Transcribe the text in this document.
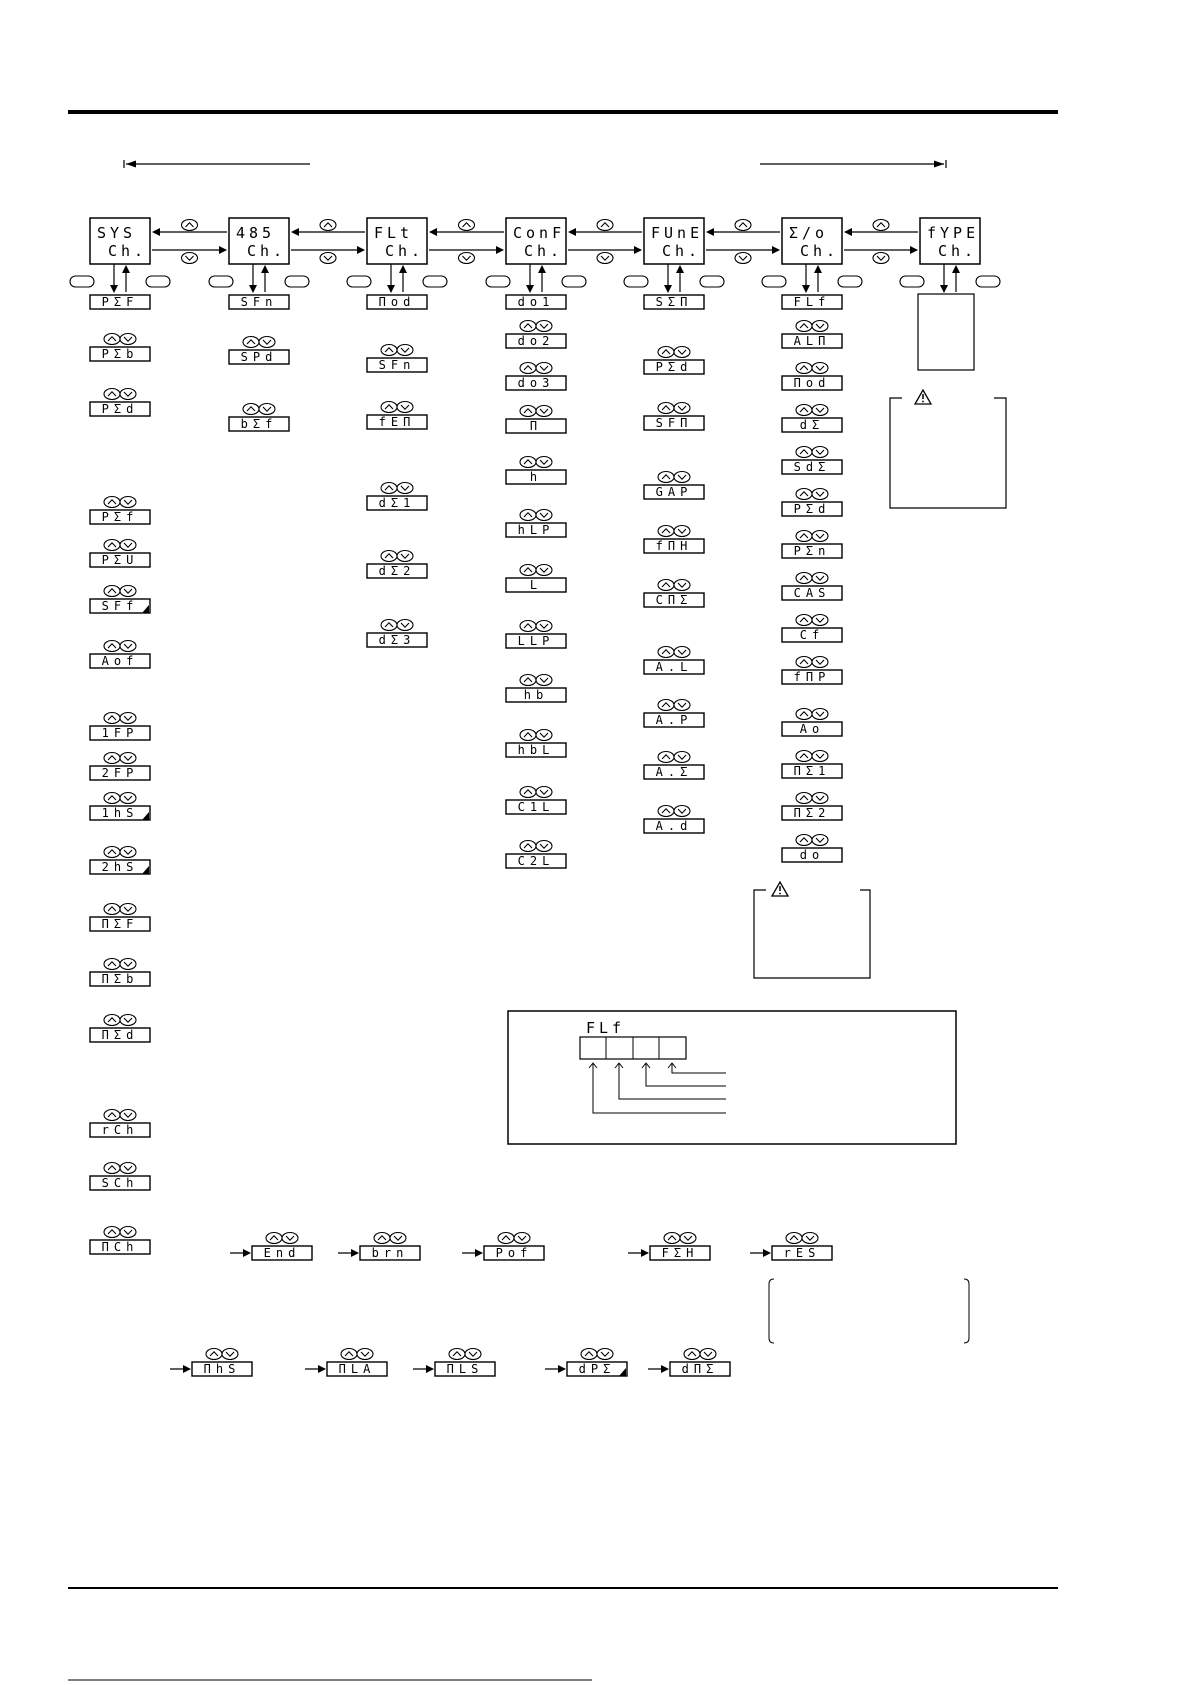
SYS
Ch.
485
Ch.
FLt
Ch.
ConF
Ch.
FUnE
Ch.
Σ/o
Ch.
fYPE
Ch.
PΣF
PΣb
PΣd
PΣf
PΣU
SFf
Aof
1FP
2FP
1hS
2hS
ΠΣF
ΠΣb
ΠΣd
rCh
SCh
ΠCh
SFn
SPd
bΣf
Πod
SFn
fEΠ
dΣ1
dΣ2
dΣ3
do1
do2
do3
Π
h
hLP
L
LLP
hb
hbL
C1L
C2L
SΣΠ
PΣd
SFΠ
GAP
fΠH
CΠΣ
A.L
A.P
A.Σ
A.d
FLf
ALΠ
Πod
dΣ
SdΣ
PΣd
PΣn
CAS
Cf
fΠP
Ao
ΠΣ1
ΠΣ2
do
End	brn	Pof	FΣH	rES
ΠhS	ΠLA	ΠLS	dPΣ	dΠΣ
FLf
